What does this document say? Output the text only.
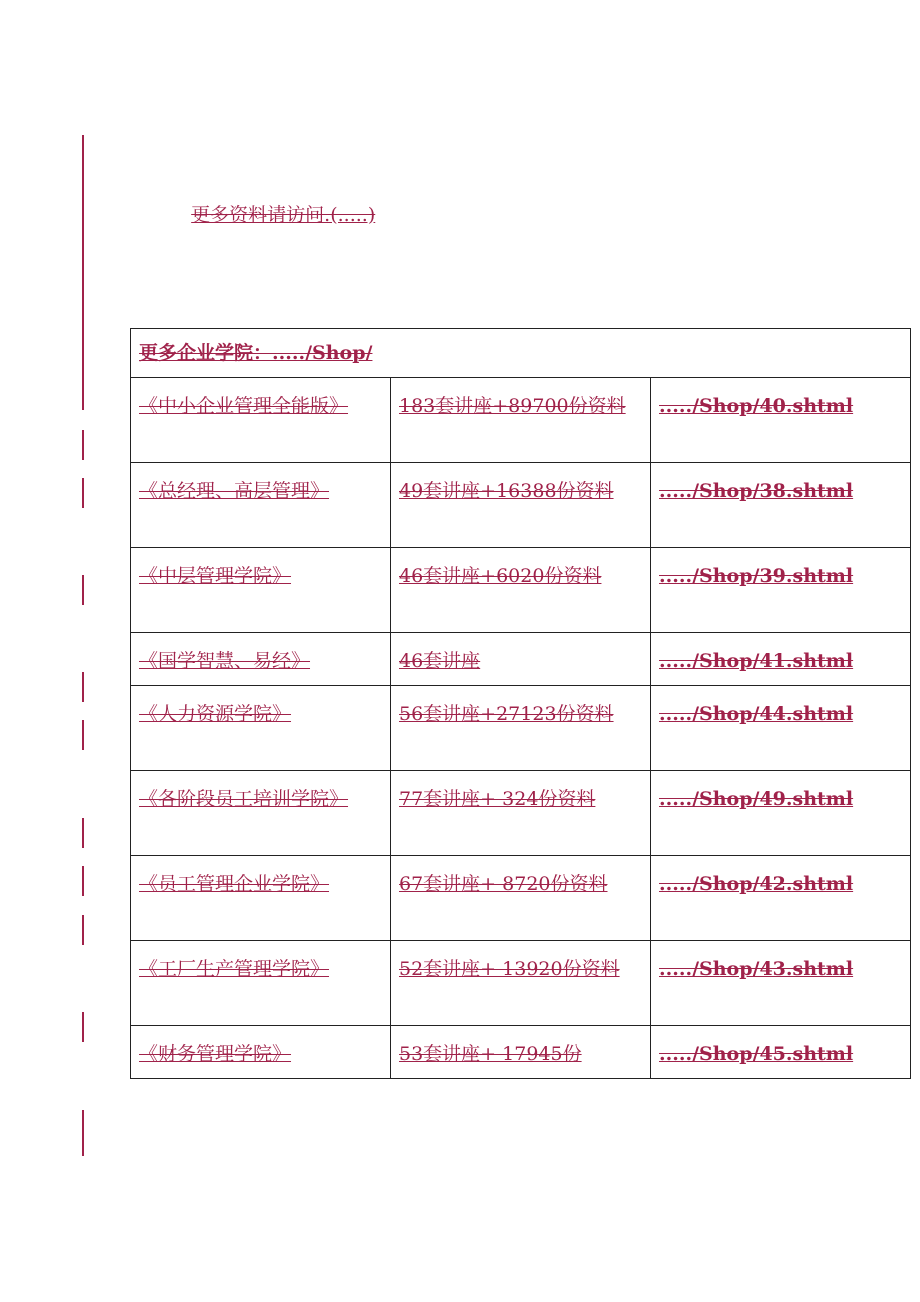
更多资料请访问.(.....)
更多企业学院：...../Shop/		
《中小企业管理全能版》	183套讲座+89700份资料	...../Shop/40.shtml
《总经理、高层管理》	49套讲座+16388份资料	...../Shop/38.shtml
《中层管理学院》	46套讲座+6020份资料	...../Shop/39.shtml
《国学智慧、易经》	46套讲座	...../Shop/41.shtml
《人力资源学院》	56套讲座+27123份资料	...../Shop/44.shtml
《各阶段员工培训学院》	77套讲座+ 324份资料	...../Shop/49.shtml
《员工管理企业学院》	67套讲座+ 8720份资料	...../Shop/42.shtml
《工厂生产管理学院》	52套讲座+ 13920份资料	...../Shop/43.shtml
《财务管理学院》	53套讲座+ 17945份	...../Shop/45.shtml
